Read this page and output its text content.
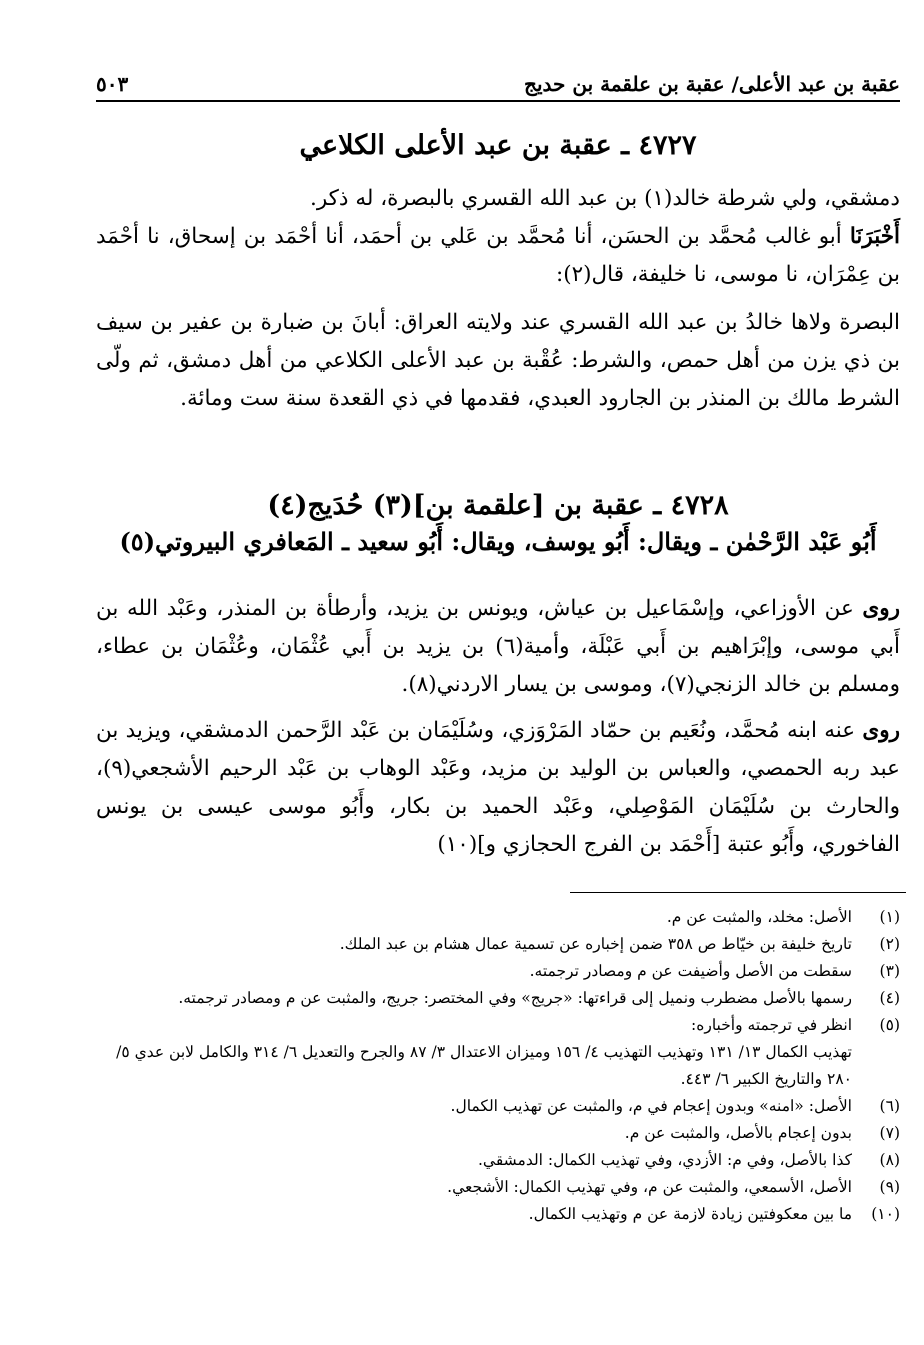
عقبة بن عبد الأعلى/ عقبة بن علقمة بن حديج
٥٠٣
٤٧٢٧ ـ عقبة بن عبد الأعلى الكلاعي

دمشقي، ولي شرطة خالد(١) بن عبد الله القسري بالبصرة، له ذكر.

أَخْبَرَنَا أبو غالب مُحمَّد بن الحسَن، أنا مُحمَّد بن عَلي بن أحمَد، أنا أحْمَد بن إسحاق، نا أحْمَد بن عِمْرَان، نا موسى، نا خليفة، قال(٢):

البصرة ولاها خالدُ بن عبد الله القسري عند ولايته العراق: أبانَ بن ضبارة بن عفير بن سيف بن ذي يزن من أهل حمص، والشرط: عُقْبة بن عبد الأعلى الكلاعي من أهل دمشق، ثم ولّى الشرط مالك بن المنذر بن الجارود العبدي، فقدمها في ذي القعدة سنة ست ومائة.

٤٧٢٨ ـ عقبة بن [علقمة بن](٣) حُدَيج(٤)
أَبُو عَبْد الرَّحْمٰن ـ ويقال: أَبُو يوسف، ويقال: أَبُو سعيد ـ المَعافري البيروتي(٥)

روى عن الأوزاعي، وإسْمَاعيل بن عياش، ويونس بن يزيد، وأرطأة بن المنذر، وعَبْد الله بن أَبي موسى، وإبْرَاهيم بن أَبي عَبْلَة، وأمية(٦) بن يزيد بن أَبي عُثْمَان، وعُثْمَان بن عطاء، ومسلم بن خالد الزنجي(٧)، وموسى بن يسار الاردني(٨).

روى عنه ابنه مُحمَّد، ونُعَيم بن حمّاد المَرْوَزي، وسُلَيْمَان بن عَبْد الرَّحمن الدمشقي، ويزيد بن عبد ربه الحمصي، والعباس بن الوليد بن مزيد، وعَبْد الوهاب بن عَبْد الرحيم الأشجعي(٩)، والحارث بن سُلَيْمَان المَوْصِلي، وعَبْد الحميد بن بكار، وأَبُو موسى عيسى بن يونس الفاخوري، وأَبُو عتبة [أَحْمَد بن الفرج الحجازي و](١٠)

(١)
الأصل: مخلد، والمثبت عن م.
(٢)
تاريخ خليفة بن خيّاط ص ٣٥٨ ضمن إخباره عن تسمية عمال هشام بن عبد الملك.
(٣)
سقطت من الأصل وأضيفت عن م ومصادر ترجمته.
(٤)
رسمها بالأصل مضطرب ونميل إلى قراءتها: «جريج» وفي المختصر: جريج، والمثبت عن م ومصادر ترجمته.
(٥)
انظر في ترجمته وأخباره:
تهذيب الكمال ١٣/ ١٣١ وتهذيب التهذيب ٤/ ١٥٦ وميزان الاعتدال ٣/ ٨٧ والجرح والتعديل ٦/ ٣١٤ والكامل لابن عدي ٥/ ٢٨٠ والتاريخ الكبير ٦/ ٤٤٣.
(٦)
الأصل: «امنه» وبدون إعجام في م، والمثبت عن تهذيب الكمال.
(٧)
بدون إعجام بالأصل، والمثبت عن م.
(٨)
كذا بالأصل، وفي م: الأزدي، وفي تهذيب الكمال: الدمشقي.
(٩)
الأصل، الأسمعي، والمثبت عن م، وفي تهذيب الكمال: الأشجعي.
(١٠)
ما بين معكوفتين زيادة لازمة عن م وتهذيب الكمال.
